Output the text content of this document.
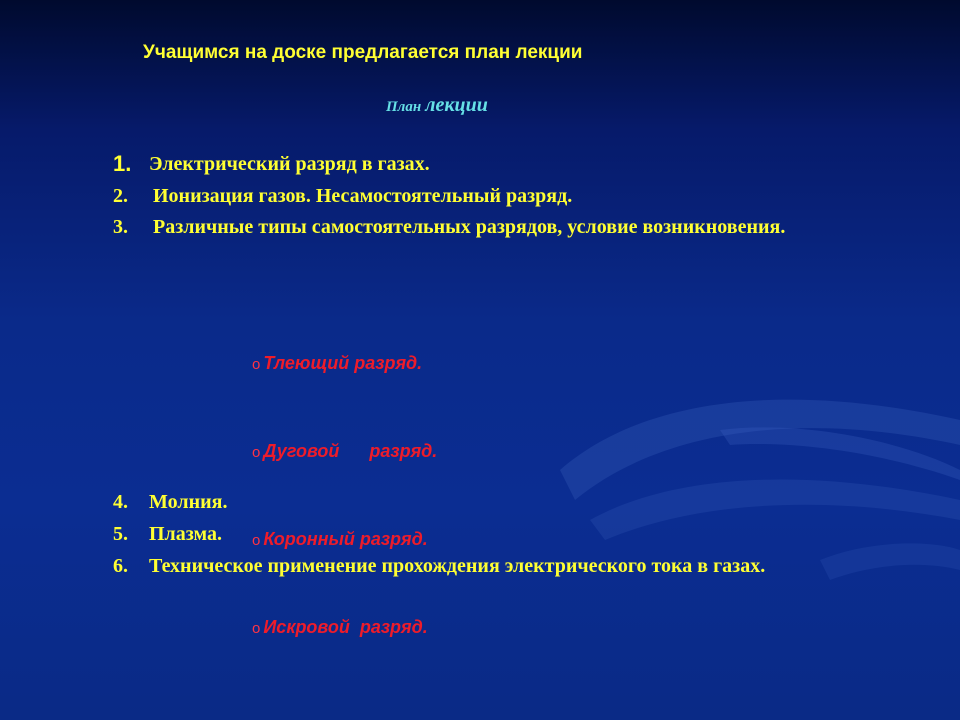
Учащимся на доске предлагается план лекции
План лекции
1. Электрический разряд в газах.
2. Ионизация газов. Несамостоятельный разряд.
3. Различные типы самостоятельных разрядов, условие возникновения.

o Тлеющий разряд.

o Дуговой      разряд.

o Коронный разряд.

o Искровой  разряд.

4. Молния.
5. Плазма.
6. Техническое применение прохождения электрического тока в газах.
